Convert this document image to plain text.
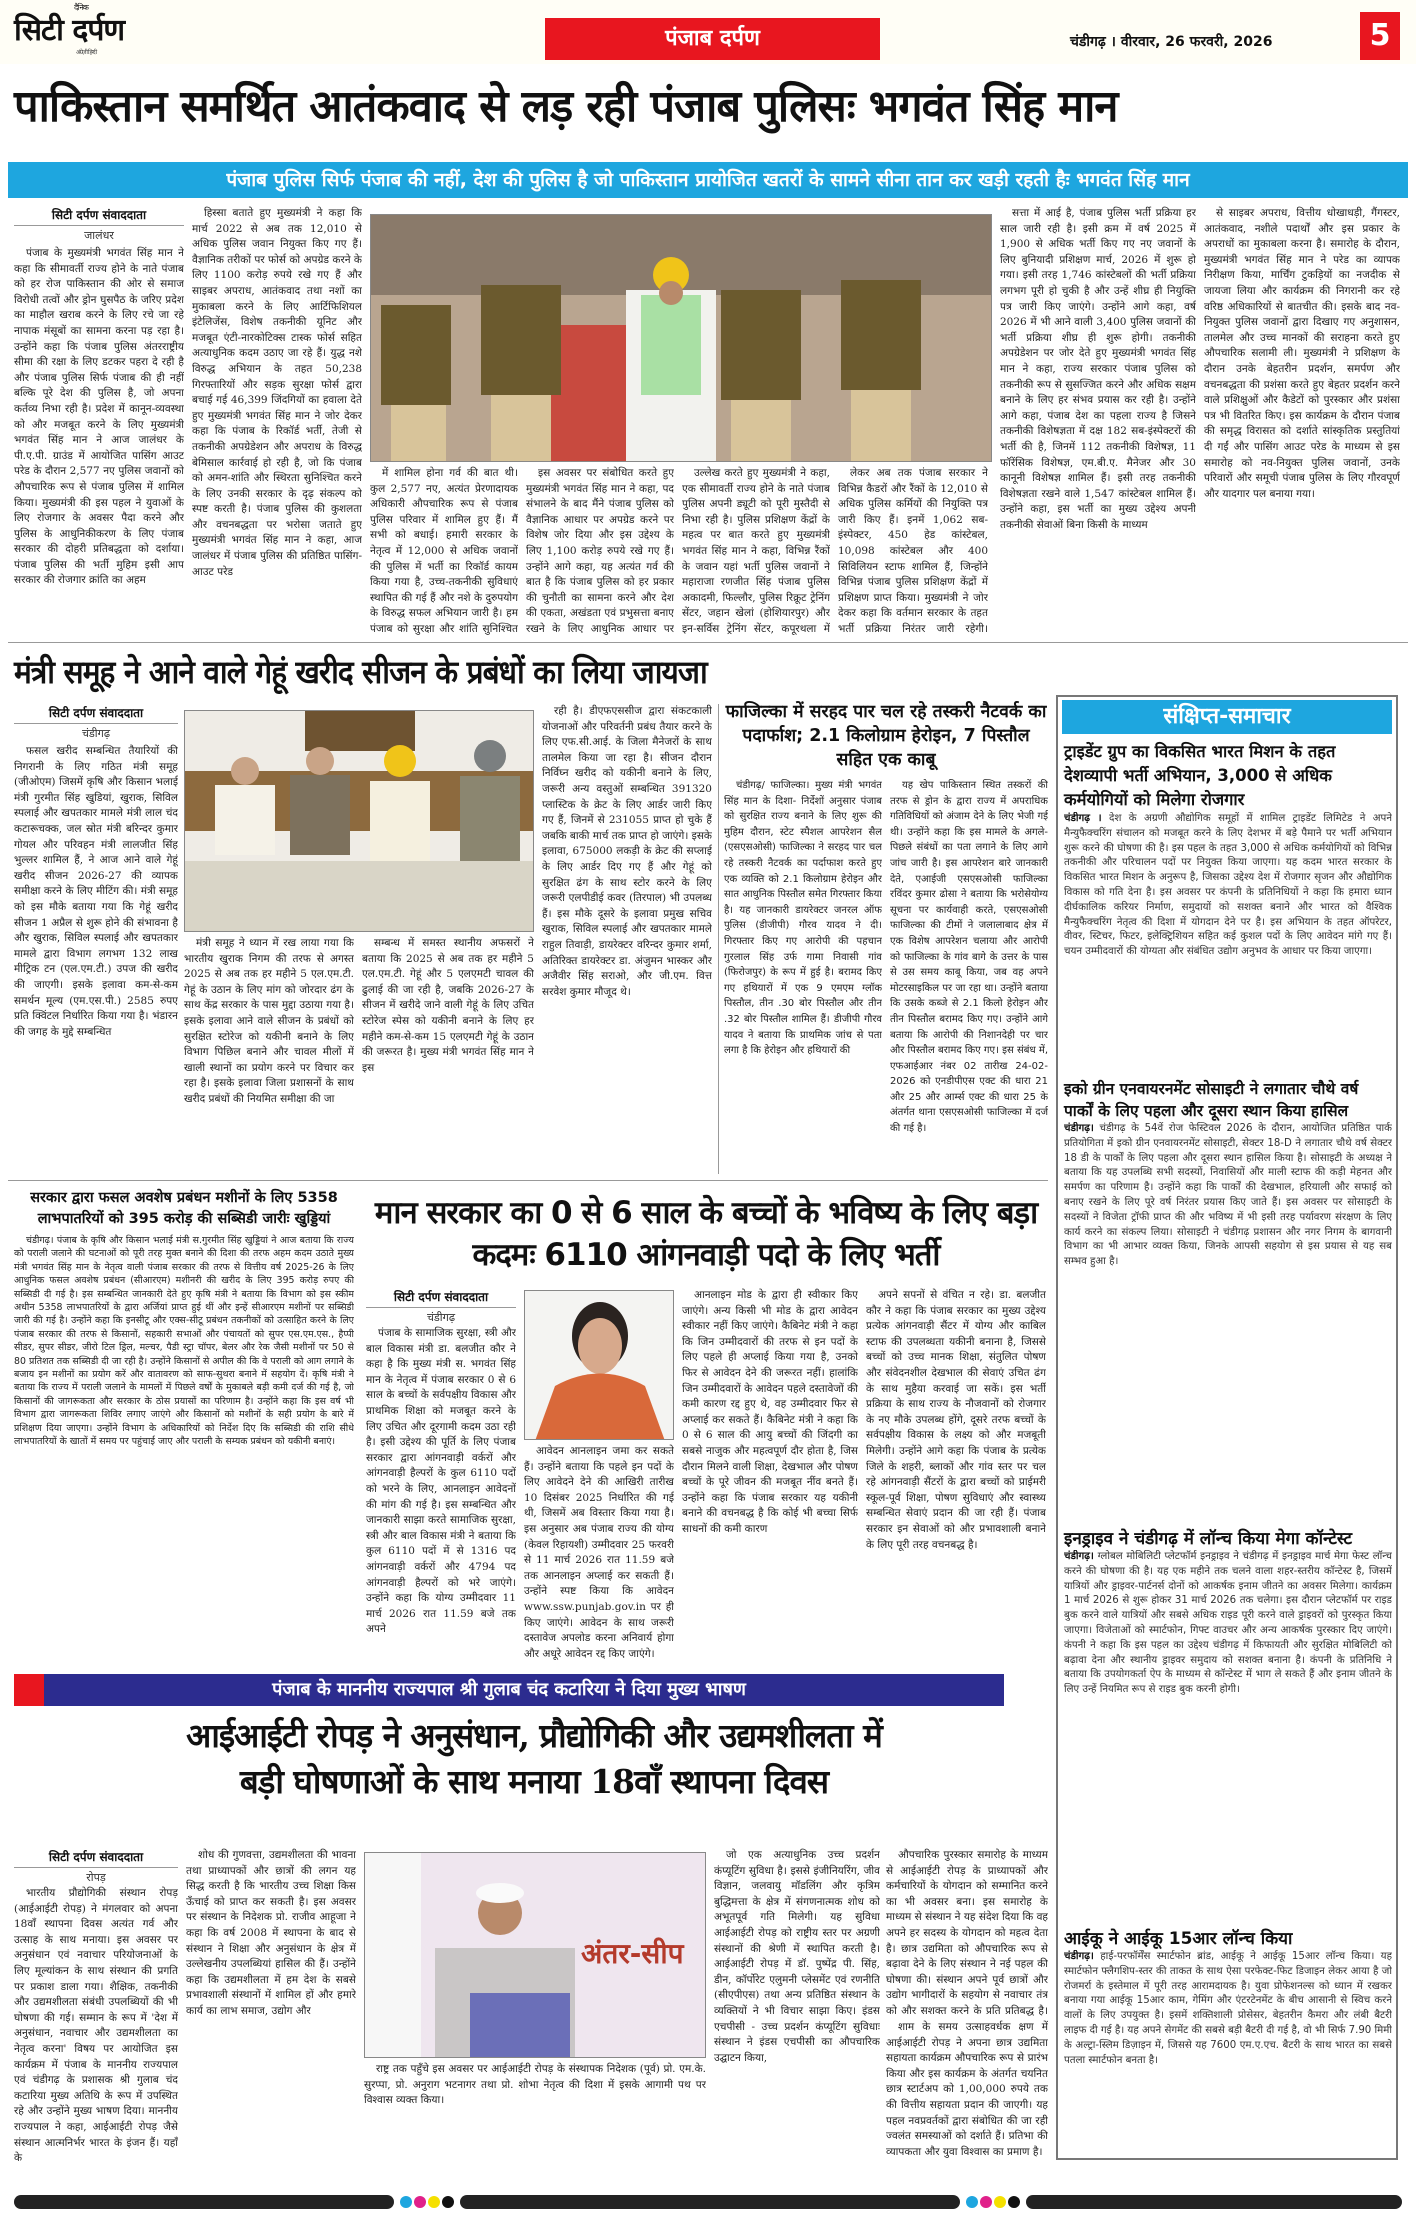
सिटी दर्पण
दैनिक
अंग्रेज़ी हिन्दी
पंजाब दर्पण	चंडीगढ़ । वीरवार, 26 फरवरी, 2026	5
पाकिस्तान समर्थित आतंकवाद से लड़ रही पंजाब पुलिसः भगवंत सिंह मान
पंजाब पुलिस सिर्फ पंजाब की नहीं, देश की पुलिस है जो पाकिस्तान प्रायोजित खतरों के सामने सीना तान कर खड़ी रहती हैः भगवंत सिंह मान
सिटी दर्पण संवाददाता
जालंधर

पंजाब के मुख्यमंत्री भगवंत सिंह मान ने कहा कि सीमावर्ती राज्य होने के नाते पंजाब को हर रोज पाकिस्तान की ओर से समाज विरोधी तत्वों और ड्रोन घुसपैठ के जरिए प्रदेश का माहौल खराब करने के लिए रचे जा रहे नापाक मंसूबों का सामना करना पड़ रहा है। उन्होंने कहा कि पंजाब पुलिस अंतरराष्ट्रीय सीमा की रक्षा के लिए डटकर पहरा दे रही है और पंजाब पुलिस सिर्फ पंजाब की ही नहीं बल्कि पूरे देश की पुलिस है, जो अपना कर्तव्य निभा रही है। प्रदेश में कानून-व्यवस्था को और मजबूत करने के लिए मुख्यमंत्री भगवंत सिंह मान ने आज जालंधर के पी.ए.पी. ग्राउंड में आयोजित पासिंग आउट परेड के दौरान 2,577 नए पुलिस जवानों को औपचारिक रूप से पंजाब पुलिस में शामिल किया। मुख्यमंत्री की इस पहल ने युवाओं के लिए रोजगार के अवसर पैदा करने और पुलिस के आधुनिकीकरण के लिए पंजाब सरकार की दोहरी प्रतिबद्धता को दर्शाया। पंजाब पुलिस की भर्ती मुहिम इसी आप सरकार की रोजगार क्रांति का अहम

हिस्सा बताते हुए मुख्यमंत्री ने कहा कि मार्च 2022 से अब तक 12,010 से अधिक पुलिस जवान नियुक्त किए गए हैं। वैज्ञानिक तरीकों पर फोर्स को अपग्रेड करने के लिए 1100 करोड़ रुपये रखे गए हैं और साइबर अपराध, आतंकवाद तथा नशों का मुकाबला करने के लिए आर्टिफिशियल इंटेलिजेंस, विशेष तकनीकी यूनिट और मजबूत एंटी-नारकोटिक्स टास्क फोर्स सहित अत्याधुनिक कदम उठाए जा रहे हैं। युद्ध नशे विरुद्ध अभियान के तहत 50,238 गिरफ्तारियों और सड़क सुरक्षा फोर्स द्वारा बचाई गई 46,399 जिंदगियों का हवाला देते हुए मुख्यमंत्री भगवंत सिंह मान ने जोर देकर कहा कि पंजाब के रिकॉर्ड भर्ती, तेजी से तकनीकी अपग्रेडेशन और अपराध के विरुद्ध बेमिसाल कार्रवाई हो रही है, जो कि पंजाब को अमन-शांति और स्थिरता सुनिश्चित करने के लिए उनकी सरकार के दृढ़ संकल्प को स्पष्ट करती है। पंजाब पुलिस की कुशलता और वचनबद्धता पर भरोसा जताते हुए मुख्यमंत्री भगवंत सिंह मान ने कहा, आज जालंधर में पंजाब पुलिस की प्रतिष्ठित पासिंग-आउट परेड

में शामिल होना गर्व की बात थी। कुल 2,577 नए, अत्यंत प्रेरणादायक अधिकारी औपचारिक रूप से पंजाब पुलिस परिवार में शामिल हुए हैं। मैं सभी को बधाई। हमारी सरकार के नेतृत्व में 12,000 से अधिक जवानों की पुलिस में भर्ती का रिकॉर्ड कायम किया गया है, उच्च-तकनीकी सुविधाएं स्थापित की गई हैं और नशे के दुरुपयोग के विरुद्ध सफल अभियान जारी है। हम पंजाब को सुरक्षा और शांति सुनिश्चित

इस अवसर पर संबोधित करते हुए मुख्यमंत्री भगवंत सिंह मान ने कहा, पद संभालने के बाद मैंने पंजाब पुलिस को वैज्ञानिक आधार पर अपग्रेड करने पर विशेष जोर दिया और इस उद्देश्य के लिए 1,100 करोड़ रुपये रखे गए हैं। उन्होंने आगे कहा, यह अत्यंत गर्व की बात है कि पंजाब पुलिस को हर प्रकार की चुनौती का सामना करने और देश की एकता, अखंडता एवं प्रभुसत्ता बनाए रखने के लिए आधुनिक आधार पर

उल्लेख करते हुए मुख्यमंत्री ने कहा, एक सीमावर्ती राज्य होने के नाते पंजाब पुलिस अपनी ड्यूटी को पूरी मुस्तैदी से निभा रही है। पुलिस प्रशिक्षण केंद्रों के महत्व पर बात करते हुए मुख्यमंत्री भगवंत सिंह मान ने कहा, विभिन्न रैंकों के जवान यहां भर्ती पुलिस जवानों ने महाराजा रणजीत सिंह पंजाब पुलिस अकादमी, फिल्लौर, पुलिस रिक्रूट ट्रेनिंग सेंटर, जहान खेलां (होशियारपुर) और इन-सर्विस ट्रेनिंग सेंटर, कपूरथला में

लेकर अब तक पंजाब सरकार ने विभिन्न कैडरों और रैंकों के 12,010 से अधिक पुलिस कर्मियों की नियुक्ति पत्र जारी किए हैं। इनमें 1,062 सब-इंस्पेक्टर, 450 हेड कांस्टेबल, 10,098 कांस्टेबल और 400 सिविलियन स्टाफ शामिल हैं, जिन्होंने विभिन्न पंजाब पुलिस प्रशिक्षण केंद्रों में प्रशिक्षण प्राप्त किया। मुख्यमंत्री ने जोर देकर कहा कि वर्तमान सरकार के तहत भर्ती प्रक्रिया निरंतर जारी रहेगी।

सत्ता में आई है, पंजाब पुलिस भर्ती प्रक्रिया हर साल जारी रही है। इसी क्रम में वर्ष 2025 में 1,900 से अधिक भर्ती किए गए नए जवानों के लिए बुनियादी प्रशिक्षण मार्च, 2026 में शुरू हो गया। इसी तरह 1,746 कांस्टेबलों की भर्ती प्रक्रिया लगभग पूरी हो चुकी है और उन्हें शीघ्र ही नियुक्ति पत्र जारी किए जाएंगे। उन्होंने आगे कहा, वर्ष 2026 में भी आने वाली 3,400 पुलिस जवानों की भर्ती प्रक्रिया शीघ्र ही शुरू होगी। तकनीकी अपग्रेडेशन पर जोर देते हुए मुख्यमंत्री भगवंत सिंह मान ने कहा, राज्य सरकार पंजाब पुलिस को तकनीकी रूप से सुसज्जित करने और अधिक सक्षम बनाने के लिए हर संभव प्रयास कर रही है। उन्होंने आगे कहा, पंजाब देश का पहला राज्य है जिसने तकनीकी विशेषज्ञता में दक्ष 182 सब-इंस्पेक्टरों की भर्ती की है, जिनमें 112 तकनीकी विशेषज्ञ, 11 फॉरेंसिक विशेषज्ञ, एम.बी.ए. मैनेजर और 30 कानूनी विशेषज्ञ शामिल हैं। इसी तरह तकनीकी विशेषज्ञता रखने वाले 1,547 कांस्टेबल शामिल हैं। उन्होंने कहा, इस भर्ती का मुख्य उद्देश्य अपनी तकनीकी सेवाओं बिना किसी के माध्यम

से साइबर अपराध, वित्तीय धोखाधड़ी, गैंगस्टर, आतंकवाद, नशीले पदार्थों और इस प्रकार के अपराधों का मुकाबला करना है। समारोह के दौरान, मुख्यमंत्री भगवंत सिंह मान ने परेड का व्यापक निरीक्षण किया, मार्चिंग टुकड़ियों का नजदीक से जायजा लिया और कार्यक्रम की निगरानी कर रहे वरिष्ठ अधिकारियों से बातचीत की। इसके बाद नव-नियुक्त पुलिस जवानों द्वारा दिखाए गए अनुशासन, तालमेल और उच्च मानकों की सराहना करते हुए औपचारिक सलामी ली। मुख्यमंत्री ने प्रशिक्षण के दौरान उनके बेहतरीन प्रदर्शन, समर्पण और वचनबद्धता की प्रशंसा करते हुए बेहतर प्रदर्शन करने वाले प्रशिक्षुओं और कैडेटों को पुरस्कार और प्रशंसा पत्र भी वितरित किए। इस कार्यक्रम के दौरान पंजाब की समृद्ध विरासत को दर्शाते सांस्कृतिक प्रस्तुतियां दी गईं और पासिंग आउट परेड के माध्यम से इस समारोह को नव-नियुक्त पुलिस जवानों, उनके परिवारों और समूची पंजाब पुलिस के लिए गौरवपूर्ण और यादगार पल बनाया गया।

मंत्री समूह ने आने वाले गेहूं खरीद सीजन के प्रबंधों का लिया जायजा
सिटी दर्पण संवाददाता
चंडीगढ़

फसल खरीद सम्बन्धित तैयारियों की निगरानी के लिए गठित मंत्री समूह (जीओएम) जिसमें कृषि और किसान भलाई मंत्री गुरमीत सिंह खुडियां, खुराक, सिविल स्पलाई और खपतकार मामले मंत्री लाल चंद कटारूचक्क, जल स्रोत मंत्री बरिन्दर कुमार गोयल और परिवहन मंत्री लालजीत सिंह भुल्लर शामिल हैं, ने आज आने वाले गेहूं खरीद सीजन 2026-27 की व्यापक समीक्षा करने के लिए मीटिंग की। मंत्री समूह को इस मौके बताया गया कि गेहूं खरीद सीजन 1 अप्रैल से शुरू होने की संभावना है और खुराक, सिविल स्पलाई और खपतकार मामले द्वारा विभाग लगभग 132 लाख मीट्रिक टन (एल.एम.टी.) उपज की खरीद की जाएगी। इसके इलावा कम-से-कम समर्थन मूल्य (एम.एस.पी.) 2585 रुपए प्रति क्विंटल निर्धारित किया गया है। भंडारन की जगह के मुद्दे सम्बन्धित

मंत्री समूह ने ध्यान में रख लाया गया कि भारतीय खुराक निगम की तरफ से अगस्त 2025 से अब तक हर महीने 5 एल.एम.टी. गेहूं के उठान के लिए मांग को जोरदार ढंग के साथ केंद्र सरकार के पास मुद्दा उठाया गया है। इसके इलावा आने वाले सीजन के प्रबंधों को सुरक्षित स्टोरेज को यकीनी बनाने के लिए विभाग पिछिल बनाने और चावल मीलों में खाली स्थानों का प्रयोग करने पर विचार कर रहा है। इसके इलावा जिला प्रशासनों के साथ खरीद प्रबंधों की नियमित समीक्षा की जा

सम्बन्ध में समस्त स्थानीय अफसरों ने बताया कि 2025 से अब तक हर महीने 5 एल.एम.टी. गेहूं और 5 एलएमटी चावल की ढुलाई की जा रही है, जबकि 2026-27 के सीजन में खरीदे जाने वाली गेहूं के लिए उचित स्टोरेज स्पेस को यकीनी बनाने के लिए हर महीने कम-से-कम 15 एलएमटी गेहूं के उठान की जरूरत है। मुख्य मंत्री भगवंत सिंह मान ने इस

रही है। डीएफएससीज द्वारा संकटकाली योजनाओं और परिवर्तनी प्रबंध तैयार करने के लिए एफ.सी.आई. के जिला मैनेजरों के साथ तालमेल किया जा रहा है। सीजन दौरान निर्विघ्न खरीद को यकीनी बनाने के लिए, जरूरी अन्य वस्तुओं सम्बन्धित 391320 प्लास्टिक के क्रेट के लिए आर्डर जारी किए गए हैं, जिनमें से 231055 प्राप्त हो चुके हैं जबकि बाकी मार्च तक प्राप्त हो जाएंगे। इसके इलावा, 675000 लकड़ी के क्रेट की सप्लाई के लिए आर्डर दिए गए हैं और गेहूं को सुरक्षित ढंग के साथ स्टोर करने के लिए जरूरी एलपीडीई कवर (तिरपाल) भी उपलब्ध हैं। इस मौके दूसरे के इलावा प्रमुख सचिव खुराक, सिविल स्पलाई और खपतकार मामले राहुल तिवाड़ी, डायरेक्टर वरिन्दर कुमार शर्मा, अतिरिक्त डायरेक्टर डा. अंजुमन भास्कर और अजैवीर सिंह सराओ, और जी.एम. वित्त सरवेश कुमार मौजूद थे।

फाजिल्का में सरहद पार चल रहे तस्करी नैटवर्क का पदार्फाश; 2.1 किलोग्राम हेरोइन, 7 पिस्तौल सहित एक काबू

चंडीगढ़/ फाजिल्का। मुख्य मंत्री भगवंत सिंह मान के दिशा- निर्देशों अनुसार पंजाब को सुरक्षित राज्य बनाने के लिए शुरू की मुहिम दौरान, स्टेट स्पैशल आपरेशन सैल (एसएसओसी) फाजिल्का ने सरहद पार चल रहे तस्करी नैटवर्क का पर्दाफाश करते हुए एक व्यक्ति को 2.1 किलोग्राम हेरोइन और सात आधुनिक पिस्तौल समेत गिरफ्तार किया है। यह जानकारी डायरेक्टर जनरल ऑफ पुलिस (डीजीपी) गौरव यादव ने दी। गिरफ्तार किए गए आरोपी की पहचान गुरलाल सिंह उर्फ गामा निवासी गांव (फिरोजपुर) के रूप में हुई है। बरामद किए गए हथियारों में एक 9 एमएम ग्लॉक पिस्तौल, तीन .30 बोर पिस्तौल और तीन .32 बोर पिस्तौल शामिल हैं। डीजीपी गौरव यादव ने बताया कि प्राथमिक जांच से पता लगा है कि हेरोइन और हथियारों की

यह खेप पाकिस्तान स्थित तस्करों की तरफ से ड्रोन के द्वारा राज्य में अपराधिक गतिविधियों को अंजाम देने के लिए भेजी गई थी। उन्होंने कहा कि इस मामले के अगले- पिछले संबंधों का पता लगाने के लिए आगे जांच जारी है। इस आपरेशन बारे जानकारी देते, एआईजी एसएसओसी फाजिल्का रविंदर कुमार ढोसा ने बताया कि भरोसेयोग्य सूचना पर कार्यवाही करते, एसएसओसी फाजिल्का की टीमों ने जलालाबाद क्षेत्र में एक विशेष आपरेशन चलाया और आरोपी को फाजिल्का के गांव बागे के उत्तर के पास से उस समय काबू किया, जब वह अपने मोटरसाइकिल पर जा रहा था। उन्होंने बताया कि उसके कब्जे से 2.1 किलो हेरोइन और तीन पिस्तौल बरामद किए गए। उन्होंने आगे बताया कि आरोपी की निशानदेही पर चार और पिस्तौल बरामद किए गए। इस संबंध में, एफआईआर नंबर 02 तारीख 24-02-2026 को एनडीपीएस एक्ट की धारा 21 और 25 और आर्म्स एक्ट की धारा 25 के अंतर्गत थाना एसएसओसी फाजिल्का में दर्ज की गई है।

संक्षिप्त-समाचार
ट्राइडेंट ग्रुप का विकसित भारत मिशन के तहत देशव्यापी भर्ती अभियान, 3,000 से अधिक कर्मयोगियों को मिलेगा रोजगार
चंडीगढ़ । देश के अग्रणी औद्योगिक समूहों में शामिल ट्राइडेंट लिमिटेड ने अपने मैन्युफैक्चरिंग संचालन को मजबूत करने के लिए देशभर में बड़े पैमाने पर भर्ती अभियान शुरू करने की घोषणा की है। इस पहल के तहत 3,000 से अधिक कर्मयोगियों को विभिन्न तकनीकी और परिचालन पदों पर नियुक्त किया जाएगा। यह कदम भारत सरकार के विकसित भारत मिशन के अनुरूप है, जिसका उद्देश्य देश में रोजगार सृजन और औद्योगिक विकास को गति देना है। इस अवसर पर कंपनी के प्रतिनिधियों ने कहा कि हमारा ध्यान दीर्घकालिक करियर निर्माण, समुदायों को सशक्त बनाने और भारत को वैश्विक मैन्युफैक्चरिंग नेतृत्व की दिशा में योगदान देने पर है। इस अभियान के तहत ऑपरेटर, वीवर, स्टिचर, फिटर, इलेक्ट्रिशियन सहित कई कुशल पदों के लिए आवेदन मांगे गए हैं। चयन उम्मीदवारों की योग्यता और संबंधित उद्योग अनुभव के आधार पर किया जाएगा।
इको ग्रीन एनवायरनमेंट सोसाइटी ने लगातार चौथे वर्ष पार्कों के लिए पहला और दूसरा स्थान किया हासिल
चंडीगढ़। चंडीगढ़ के 54वें रोज फेस्टिवल 2026 के दौरान, आयोजित प्रतिष्ठित पार्क प्रतियोगिता में इको ग्रीन एनवायरनमेंट सोसाइटी, सेक्टर 18-D ने लगातार चौथे वर्ष सेक्टर 18 डी के पार्कों के लिए पहला और दूसरा स्थान हासिल किया है। सोसाइटी के अध्यक्ष ने बताया कि यह उपलब्धि सभी सदस्यों, निवासियों और माली स्टाफ की कड़ी मेहनत और समर्पण का परिणाम है। उन्होंने कहा कि पार्कों की देखभाल, हरियाली और सफाई को बनाए रखने के लिए पूरे वर्ष निरंतर प्रयास किए जाते हैं। इस अवसर पर सोसाइटी के सदस्यों ने विजेता ट्रॉफी प्राप्त की और भविष्य में भी इसी तरह पर्यावरण संरक्षण के लिए कार्य करने का संकल्प लिया। सोसाइटी ने चंडीगढ़ प्रशासन और नगर निगम के बागवानी विभाग का भी आभार व्यक्त किया, जिनके आपसी सहयोग से इस प्रयास से यह सब सम्भव हुआ है।
इनड्राइव ने चंडीगढ़ में लॉन्च किया मेगा कॉन्टेस्ट
चंडीगढ़। ग्लोबल मोबिलिटी प्लेटफॉर्म इनड्राइव ने चंडीगढ़ में इनड्राइव मार्च मेगा फेस्ट लॉन्च करने की घोषणा की है। यह एक महीने तक चलने वाला शहर-स्तरीय कॉन्टेस्ट है, जिसमें यात्रियों और ड्राइवर-पार्टनर्स दोनों को आकर्षक इनाम जीतने का अवसर मिलेगा। कार्यक्रम 1 मार्च 2026 से शुरू होकर 31 मार्च 2026 तक चलेगा। इस दौरान प्लेटफॉर्म पर राइड बुक करने वाले यात्रियों और सबसे अधिक राइड पूरी करने वाले ड्राइवरों को पुरस्कृत किया जाएगा। विजेताओं को स्मार्टफोन, गिफ्ट वाउचर और अन्य आकर्षक पुरस्कार दिए जाएंगे। कंपनी ने कहा कि इस पहल का उद्देश्य चंडीगढ़ में किफायती और सुरक्षित मोबिलिटी को बढ़ावा देना और स्थानीय ड्राइवर समुदाय को सशक्त बनाना है। कंपनी के प्रतिनिधि ने बताया कि उपयोगकर्ता ऐप के माध्यम से कॉन्टेस्ट में भाग ले सकते हैं और इनाम जीतने के लिए उन्हें नियमित रूप से राइड बुक करनी होगी।
आईकू ने आईकू 15आर लॉन्च किया
चंडीगढ़। हाई-परफॉर्मेंस स्मार्टफोन ब्रांड, आईकू ने आईकू 15आर लॉन्च किया। यह स्मार्टफोन फ्लैगशिप-स्तर की ताकत के साथ ऐसा परफेक्ट-फिट डिजाइन लेकर आया है जो रोजमर्रा के इस्तेमाल में पूरी तरह आरामदायक है। युवा प्रोफेशनल्स को ध्यान में रखकर बनाया गया आईकू 15आर काम, गेमिंग और एंटरटेनमेंट के बीच आसानी से स्विच करने वालों के लिए उपयुक्त है। इसमें शक्तिशाली प्रोसेसर, बेहतरीन कैमरा और लंबी बैटरी लाइफ दी गई है। यह अपने सेगमेंट की सबसे बड़ी बैटरी दी गई है, वो भी सिर्फ 7.90 मिमी के अल्ट्रा-स्लिम डिज़ाइन में, जिससे यह 7600 एम.ए.एच. बैटरी के साथ भारत का सबसे पतला स्मार्टफोन बनता है।
सरकार द्वारा फसल अवशेष प्रबंधन मशीनों के लिए 5358 लाभपातरियों को 395 करोड़ की सब्सिडी जारीः खुड्डियां

चंडीगढ़। पंजाब के कृषि और किसान भलाई मंत्री स.गुरमीत सिंह खुड्डियां ने आज बताया कि राज्य को पराली जलाने की घटनाओं को पूरी तरह मुक्त बनाने की दिशा की तरफ अहम कदम उठाते मुख्य मंत्री भगवंत सिंह मान के नेतृत्व वाली पंजाब सरकार की तरफ से वित्तीय वर्ष 2025-26 के लिए आधुनिक फसल अवशेष प्रबंधन (सीआरएम) मशीनरी की खरीद के लिए 395 करोड़ रुपए की सब्सिडी दी गई है। इस सम्बन्धित जानकारी देते हुए कृषि मंत्री ने बताया कि विभाग को इस स्कीम अधीन 5358 लाभपातरियों के द्वारा अर्जियां प्राप्त हुई थीं और इन्हें सीआरएम मशीनों पर सब्सिडी जारी की गई है। उन्होंने कहा कि इनसीटू और एक्स-सीटू प्रबंधन तकनीकों को उत्साहित करने के लिए पंजाब सरकार की तरफ से किसानों, सहकारी सभाओं और पंचायतों को सुपर एस.एम.एस., हैप्पी सीडर, सुपर सीडर, जीरो टिल ड्रिल, मल्चर, पैडी स्ट्रा चॉपर, बेलर और रेक जैसी मशीनों पर 50 से 80 प्रतिशत तक सब्सिडी दी जा रही है। उन्होंने किसानों से अपील की कि वे पराली को आग लगाने के बजाय इन मशीनों का प्रयोग करें और वातावरण को साफ-सुथरा बनाने में सहयोग दें। कृषि मंत्री ने बताया कि राज्य में पराली जलाने के मामलों में पिछले वर्षों के मुकाबले बड़ी कमी दर्ज की गई है, जो किसानों की जागरूकता और सरकार के ठोस प्रयासों का परिणाम है। उन्होंने कहा कि इस वर्ष भी विभाग द्वारा जागरूकता शिविर लगाए जाएंगे और किसानों को मशीनों के सही प्रयोग के बारे में प्रशिक्षण दिया जाएगा। उन्होंने विभाग के अधिकारियों को निर्देश दिए कि सब्सिडी की राशि सीधे लाभपातरियों के खातों में समय पर पहुंचाई जाए और पराली के सम्यक प्रबंधन को यकीनी बनाएं।

मान सरकार का 0 से 6 साल के बच्चों के भविष्य के लिए बड़ा कदमः 6110 आंगनवाड़ी पदो के लिए भर्ती
सिटी दर्पण संवाददाता
चंडीगढ़

पंजाब के सामाजिक सुरक्षा, स्त्री और बाल विकास मंत्री डा. बलजीत कौर ने कहा है कि मुख्य मंत्री स. भगवंत सिंह मान के नेतृत्व में पंजाब सरकार 0 से 6 साल के बच्चों के सर्वपक्षीय विकास और प्राथमिक शिक्षा को मजबूत करने के लिए उचित और दूरगामी कदम उठा रही है। इसी उद्देश्य की पूर्ति के लिए पंजाब सरकार द्वारा आंगनवाड़ी वर्करों और आंगनवाड़ी हैल्परों के कुल 6110 पदों को भरने के लिए, आनलाइन आवेदनों की मांग की गई है। इस सम्बन्धित और जानकारी साझा करते सामाजिक सुरक्षा, स्त्री और बाल विकास मंत्री ने बताया कि कुल 6110 पदों में से 1316 पद आंगनवाड़ी वर्करों और 4794 पद आंगनवाड़ी हैल्परों को भरे जाएंगे। उन्होंने कहा कि योग्य उम्मीदवार 11 मार्च 2026 रात 11.59 बजे तक अपने

आवेदन आनलाइन जमा कर सकते हैं। उन्होंने बताया कि पहले इन पदों के लिए आवेदने देने की आखिरी तारीख 10 दिसंबर 2025 निर्धारित की गई थी, जिसमें अब विस्तार किया गया है। इस अनुसार अब पंजाब राज्य की योग्य (केवल रिहायशी) उम्मीदवार 25 फरवरी से 11 मार्च 2026 रात 11.59 बजे तक आनलाइन अप्लाई कर सकती हैं। उन्होंने स्पष्ट किया कि आवेदन www.ssw.punjab.gov.in पर ही किए जाएंगे। आवेदन के साथ जरूरी दस्तावेज अपलोड करना अनिवार्य होगा और अधूरे आवेदन रद्द किए जाएंगे।

आनलाइन मोड के द्वारा ही स्वीकार किए जाएंगे। अन्य किसी भी मोड के द्वारा आवेदन स्वीकार नहीं किए जाएंगे। कैबिनेट मंत्री ने कहा कि जिन उम्मीदवारों की तरफ से इन पदों के लिए पहले ही अप्लाई किया गया है, उनको फिर से आवेदन देने की जरूरत नहीं। हालांकि जिन उम्मीदवारों के आवेदन पहले दस्तावेजों की कमी कारण रद्द हुए थे, वह उम्मीदवार फिर से अप्लाई कर सकते हैं। कैबिनेट मंत्री ने कहा कि 0 से 6 साल की आयु बच्चों की जिंदगी का सबसे नाजुक और महत्वपूर्ण दौर होता है, जिस दौरान मिलने वाली शिक्षा, देखभाल और पोषण बच्चों के पूरे जीवन की मजबूत नींव बनते हैं। उन्होंने कहा कि पंजाब सरकार यह यकीनी बनाने की वचनबद्ध है कि कोई भी बच्चा सिर्फ साधनों की कमी कारण

अपने सपनों से वंचित न रहे। डा. बलजीत कौर ने कहा कि पंजाब सरकार का मुख्य उद्देश्य प्रत्येक आंगनवाड़ी सैंटर में योग्य और काबिल स्टाफ की उपलब्धता यकीनी बनाना है, जिससे बच्चों को उच्च मानक शिक्षा, संतुलित पोषण और संवेदनशील देखभाल की सेवाएं उचित ढंग के साथ मुहैया करवाई जा सकें। इस भर्ती प्रक्रिया के साथ राज्य के नौजवानों को रोजगार के नए मौके उपलब्ध होंगे, दूसरे तरफ बच्चों के सर्वपक्षीय विकास के लक्ष्य को और मजबूती मिलेगी। उन्होंने आगे कहा कि पंजाब के प्रत्येक जिले के शहरी, ब्लाकों और गांव स्तर पर चल रहे आंगनवाड़ी सैंटरों के द्वारा बच्चों को प्राईमरी स्कूल-पूर्व शिक्षा, पोषण सुविधाएं और स्वास्थ्य सम्बन्धित सेवाएं प्रदान की जा रही हैं। पंजाब सरकार इन सेवाओं को और प्रभावशाली बनाने के लिए पूरी तरह वचनबद्ध है।

पंजाब के माननीय राज्यपाल श्री गुलाब चंद कटारिया ने दिया मुख्य भाषण
आईआईटी रोपड़ ने अनुसंधान, प्रौद्योगिकी और उद्यमशीलता में
बड़ी घोषणाओं के साथ मनाया 18वाँ स्थापना दिवस
सिटी दर्पण संवाददाता
रोपड़

भारतीय प्रौद्योगिकी संस्थान रोपड़ (आईआईटी रोपड़) ने मंगलवार को अपना 18वाँ स्थापना दिवस अत्यंत गर्व और उत्साह के साथ मनाया। इस अवसर पर अनुसंधान एवं नवाचार परियोजनाओं के लिए मूल्यांकन के साथ संस्थान की प्रगति पर प्रकाश डाला गया। शैक्षिक, तकनीकी और उद्यमशीलता संबंधी उपलब्धियों की भी घोषणा की गई। सम्मान के रूप में 'देश में अनुसंधान, नवाचार और उद्यमशीलता का नेतृत्व करना' विषय पर आयोजित इस कार्यक्रम में पंजाब के माननीय राज्यपाल एवं चंडीगढ़ के प्रशासक श्री गुलाब चंद कटारिया मुख्य अतिथि के रूप में उपस्थित रहे और उन्होंने मुख्य भाषण दिया। माननीय राज्यपाल ने कहा, आईआईटी रोपड़ जैसे संस्थान आत्मनिर्भर भारत के इंजन हैं। यहाँ के

शोध की गुणवत्ता, उद्यमशीलता की भावना तथा प्राध्यापकों और छात्रों की लगन यह सिद्ध करती है कि भारतीय उच्च शिक्षा किस ऊँचाई को प्राप्त कर सकती है। इस अवसर पर संस्थान के निदेशक प्रो. राजीव आहूजा ने कहा कि वर्ष 2008 में स्थापना के बाद से संस्थान ने शिक्षा और अनुसंधान के क्षेत्र में उल्लेखनीय उपलब्धियां हासिल की हैं। उन्होंने कहा कि उद्यमशीलता में हम देश के सबसे प्रभावशाली संस्थानों में शामिल हों और हमारे कार्य का लाभ समाज, उद्योग और

अंतर-सीप

राष्ट्र तक पहुँचे इस अवसर पर आईआईटी रोपड़ के संस्थापक निदेशक (पूर्व) प्रो. एम.के. सुरप्पा, प्रो. अनुराग भटनागर तथा प्रो. शोभा नेतृत्व की दिशा में इसके आगामी पथ पर विश्वास व्यक्त किया।

जो एक अत्याधुनिक उच्च प्रदर्शन कंप्यूटिंग सुविधा है। इससे इंजीनियरिंग, जीव विज्ञान, जलवायु मॉडलिंग और कृत्रिम बुद्धिमत्ता के क्षेत्र में संगणनात्मक शोध को अभूतपूर्व गति मिलेगी। यह सुविधा आईआईटी रोपड़ को राष्ट्रीय स्तर पर अग्रणी संस्थानों की श्रेणी में स्थापित करती है। आईआईटी रोपड़ में डॉ. पुष्पेंद्र पी. सिंह, डीन, कॉर्पोरेट एलुमनी प्लेसमेंट एवं रणनीति (सीएपीएस) तथा अन्य प्रतिष्ठित संस्थान के व्यक्तियों ने भी विचार साझा किए। इंडस एचपीसी - उच्च प्रदर्शन कंप्यूटिंग सुविधाः संस्थान ने इंडस एचपीसी का औपचारिक उद्घाटन किया,

औपचारिक पुरस्कार समारोह के माध्यम से आईआईटी रोपड़ के प्राध्यापकों और कर्मचारियों के योगदान को सम्मानित करने का भी अवसर बना। इस समारोह के माध्यम से संस्थान ने यह संदेश दिया कि वह अपने हर सदस्य के योगदान को महत्व देता है। छात्र उद्यमिता को औपचारिक रूप से बढ़ावा देने के लिए संस्थान ने नई पहल की घोषणा की। संस्थान अपने पूर्व छात्रों और उद्योग भागीदारों के सहयोग से नवाचार तंत्र को और सशक्त करने के प्रति प्रतिबद्ध है।

शाम के समय उत्साहवर्धक क्षण में आईआईटी रोपड़ ने अपना छात्र उद्यमिता सहायता कार्यक्रम औपचारिक रूप से प्रारंभ किया और इस कार्यक्रम के अंतर्गत चयनित छात्र स्टार्टअप को 1,00,000 रुपये तक की वित्तीय सहायता प्रदान की जाएगी। यह पहल नवप्रवर्तकों द्वारा संबोधित की जा रही ज्वलंत समस्याओं को दर्शाते हैं। प्रतिभा की व्यापकता और युवा विश्वास का प्रमाण है।
